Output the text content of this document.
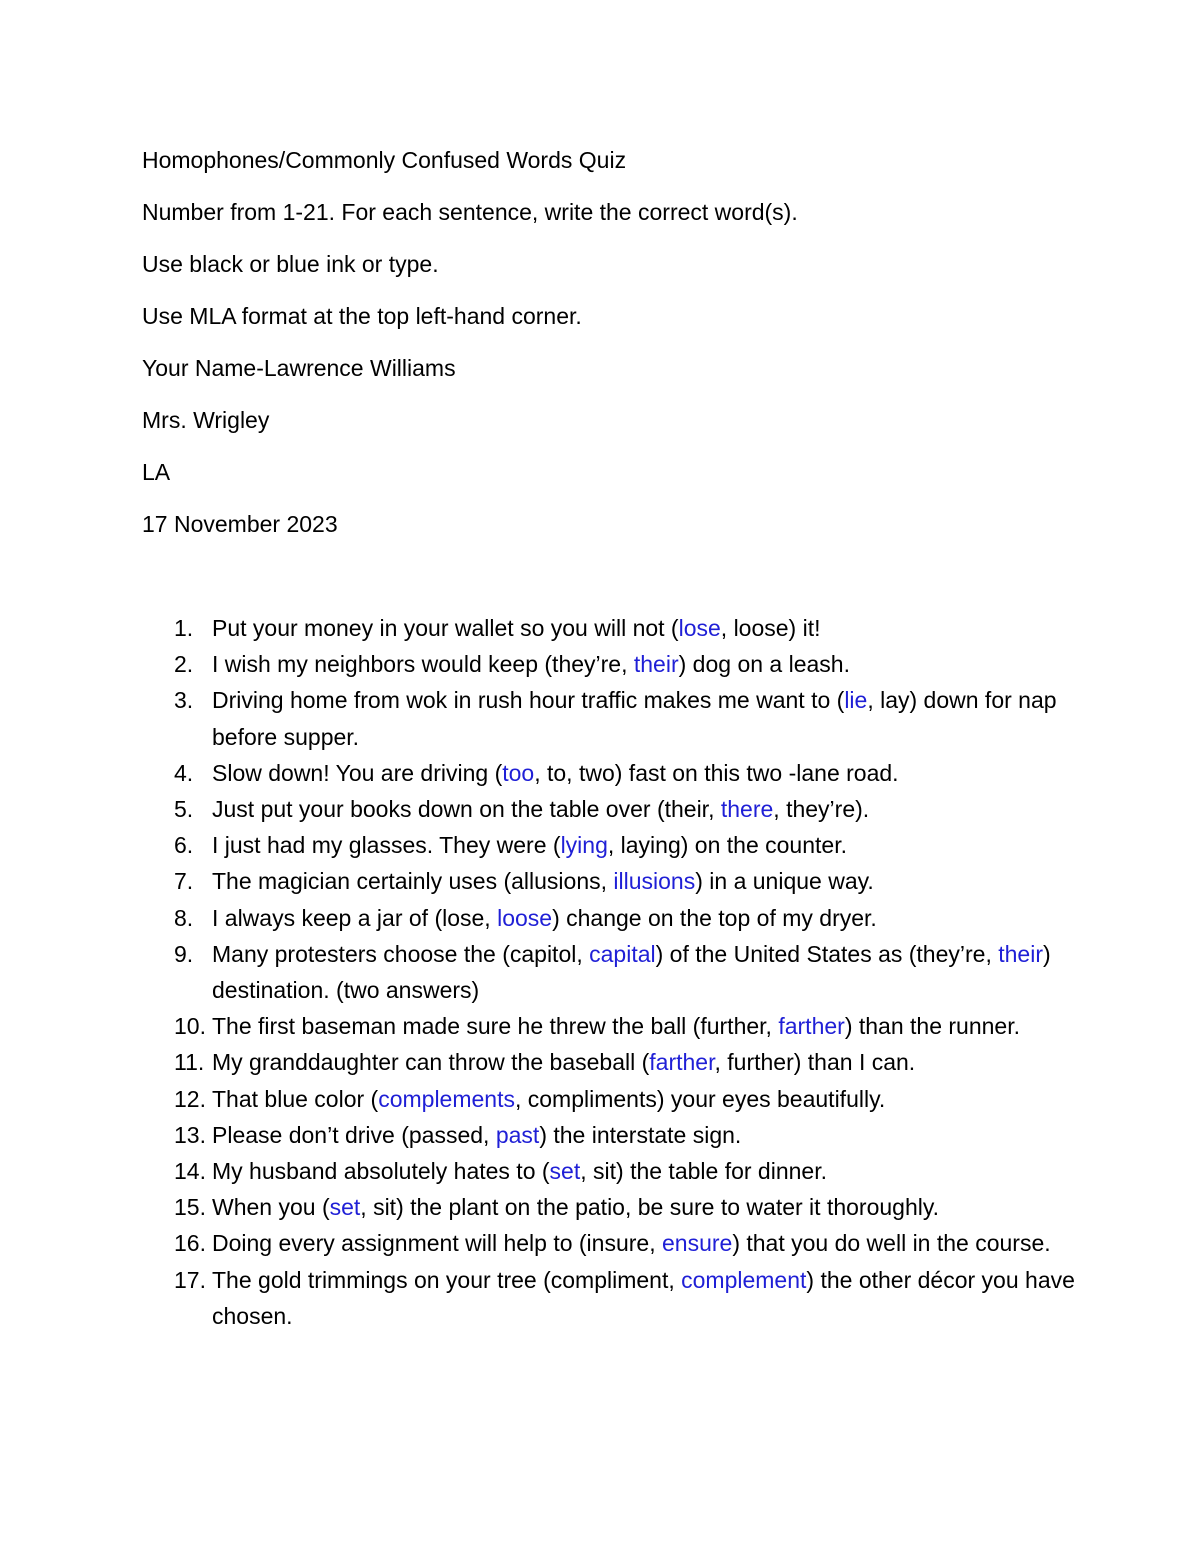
Homophones/Commonly Confused Words Quiz
Number from 1-21. For each sentence, write the correct word(s).
Use black or blue ink or type.
Use MLA format at the top left-hand corner.
Your Name-Lawrence Williams
Mrs. Wrigley
LA
17 November 2023
1. Put your money in your wallet so you will not (lose, loose) it!
2. I wish my neighbors would keep (they’re, their) dog on a leash.
3. Driving home from wok in rush hour traffic makes me want to (lie, lay) down for nap before supper.
4. Slow down! You are driving (too, to, two) fast on this two -lane road.
5. Just put your books down on the table over (their, there, they’re).
6. I just had my glasses. They were (lying, laying) on the counter.
7. The magician certainly uses (allusions, illusions) in a unique way.
8. I always keep a jar of (lose, loose) change on the top of my dryer.
9. Many protesters choose the (capitol, capital) of the United States as (they’re, their) destination. (two answers)
10. The first baseman made sure he threw the ball (further, farther) than the runner.
11. My granddaughter can throw the baseball (farther, further) than I can.
12. That blue color (complements, compliments) your eyes beautifully.
13. Please don’t drive (passed, past) the interstate sign.
14. My husband absolutely hates to (set, sit) the table for dinner.
15. When you (set, sit) the plant on the patio, be sure to water it thoroughly.
16. Doing every assignment will help to (insure, ensure) that you do well in the course.
17. The gold trimmings on your tree (compliment, complement) the other décor you have chosen.
